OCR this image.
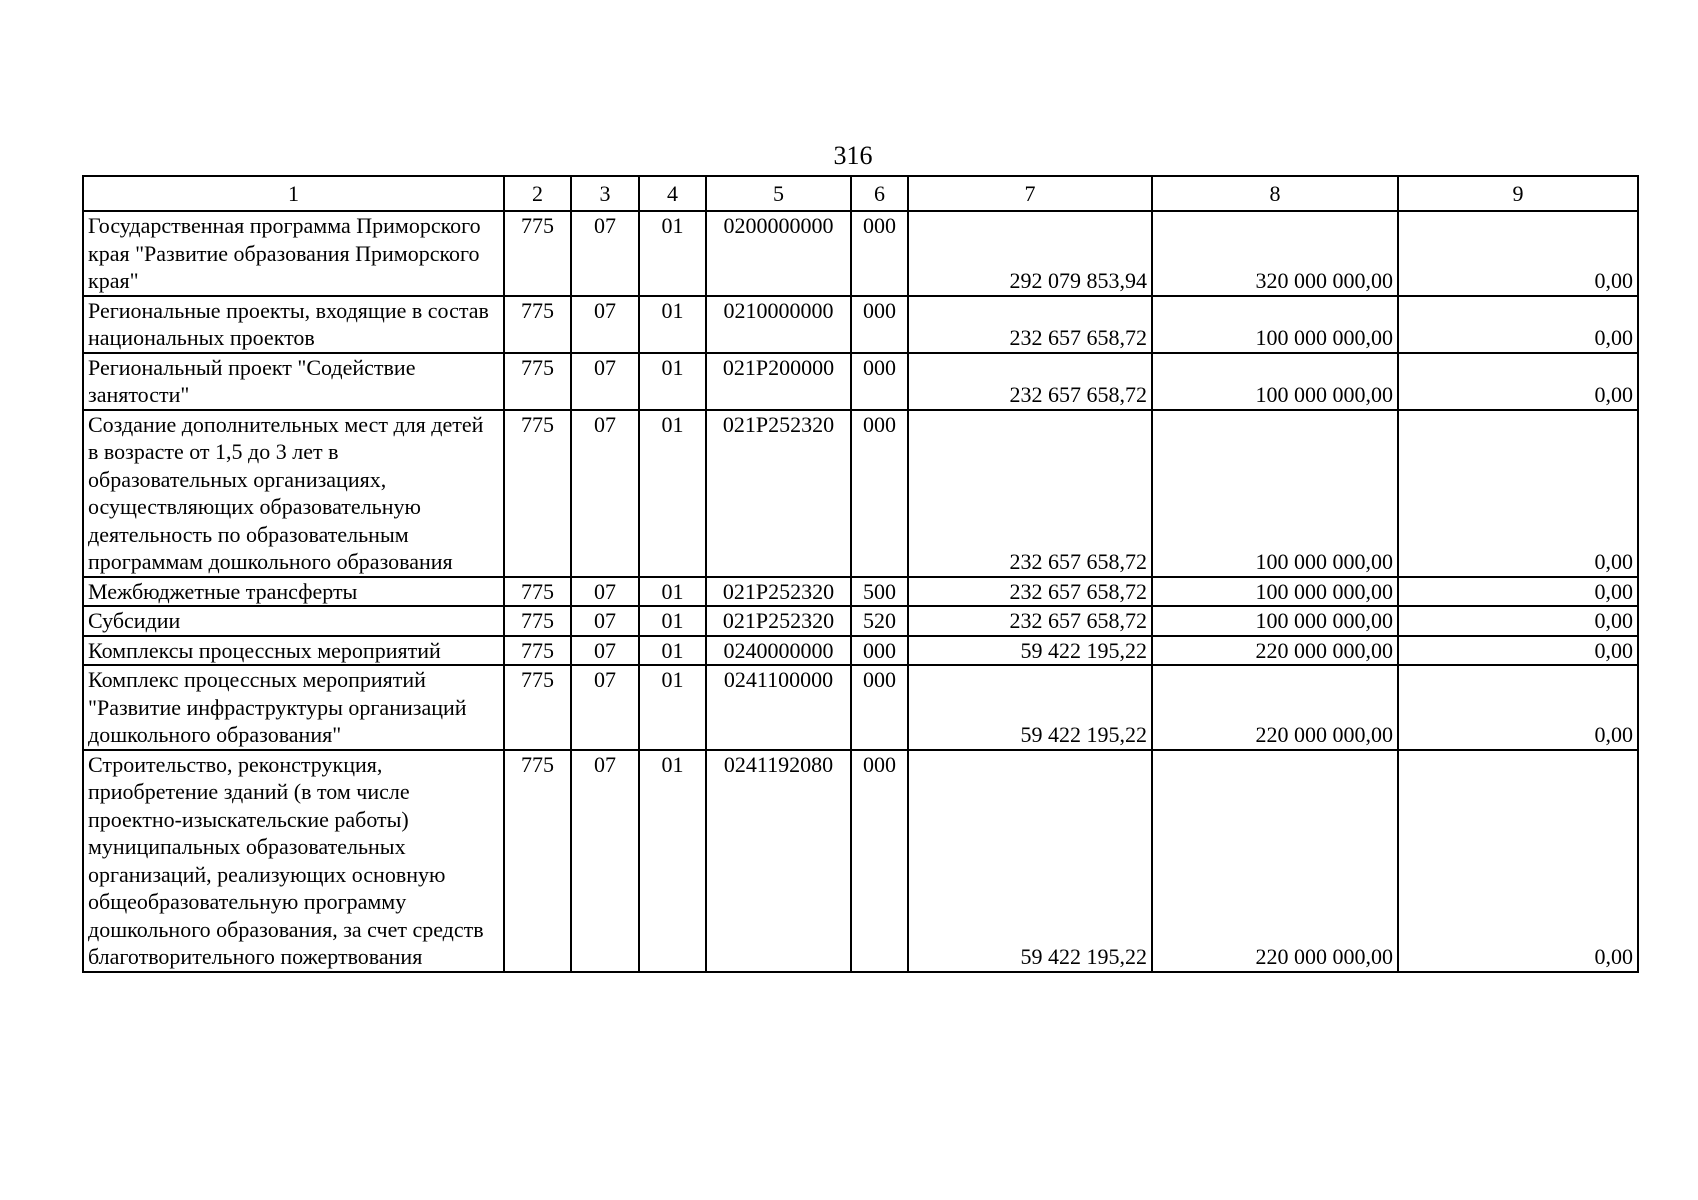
316
1	2	3	4	5	6	7	8	9
Государственная программа Приморского края "Развитие образования Приморского края"	775	07	01	0200000000	000	292 079 853,94	320 000 000,00	0,00
Региональные проекты, входящие в состав национальных проектов	775	07	01	0210000000	000	232 657 658,72	100 000 000,00	0,00
Региональный проект "Содействие занятости"	775	07	01	021P200000	000	232 657 658,72	100 000 000,00	0,00
Создание дополнительных мест для детей в возрасте от 1,5 до 3 лет в образовательных организациях, осуществляющих образовательную деятельность по образовательным программам дошкольного образования	775	07	01	021P252320	000	232 657 658,72	100 000 000,00	0,00
Межбюджетные трансферты	775	07	01	021P252320	500	232 657 658,72	100 000 000,00	0,00
Субсидии	775	07	01	021P252320	520	232 657 658,72	100 000 000,00	0,00
Комплексы процессных мероприятий	775	07	01	0240000000	000	59 422 195,22	220 000 000,00	0,00
Комплекс процессных мероприятий "Развитие инфраструктуры организаций дошкольного образования"	775	07	01	0241100000	000	59 422 195,22	220 000 000,00	0,00
Строительство, реконструкция, приобретение зданий (в том числе проектно-изыскательские работы) муниципальных образовательных организаций, реализующих основную общеобразовательную программу дошкольного образования, за счет средств благотворительного пожертвования	775	07	01	0241192080	000	59 422 195,22	220 000 000,00	0,00
